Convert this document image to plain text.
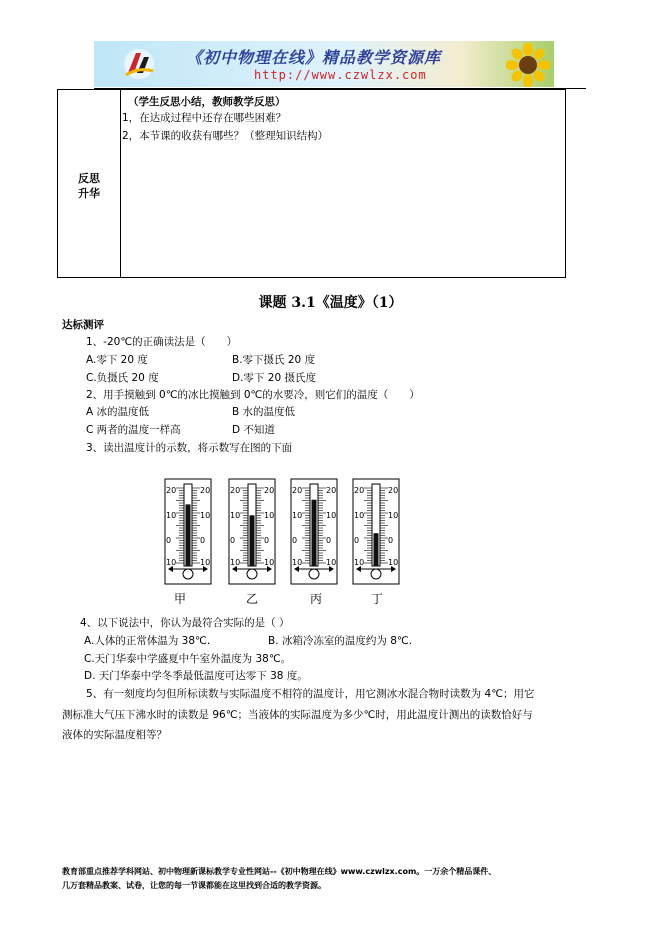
《初中物理在线》精品教学资源库
http://www.czwlzx.com
反思
升华
（学生反思小结，教师教学反思）
1，在达成过程中还存在哪些困难？
2，本节课的收获有哪些？（整理知识结构）
课题 3.1《温度》（1）
达标测评
1、-20℃的正确读法是（　　）
A.零下 20 度	B.零下摄氏 20 度
C.负摄氏 20 度	D.零下 20 摄氏度
2、用手摸触到 0℃的冰比摸触到 0℃的水要冷，则它们的温度（　　）
A 冰的温度低	B 水的温度低
C 两者的温度一样高	D 不知道
3、读出温度计的示数，将示数写在图的下面
20	20
10	10
0	0
10	10
20	20
10	10
0	0
10	10
20	20
10	10
0	0
10	10
20	20
10	10
0	0
10	10
甲	乙	丙	丁
4、以下说法中，你认为最符合实际的是（ ）
A.人体的正常体温为 38℃.	B. 冰箱冷冻室的温度约为 8℃.
C.天门华泰中学盛夏中午室外温度为 38℃。
D. 天门华泰中学冬季最低温度可达零下 38 度。
5、有一刻度均匀但所标读数与实际温度不相符的温度计，用它测冰水混合物时读数为 4℃；用它
测标准大气压下沸水时的读数是 96℃；当液体的实际温度为多少℃时，用此温度计测出的读数恰好与
液体的实际温度相等？
教育部重点推荐学科网站、初中物理新课标教学专业性网站--《初中物理在线》www.czwlzx.com。一万余个精品课件、
几万套精品教案、试卷，让您的每一节课都能在这里找到合适的教学资源。
